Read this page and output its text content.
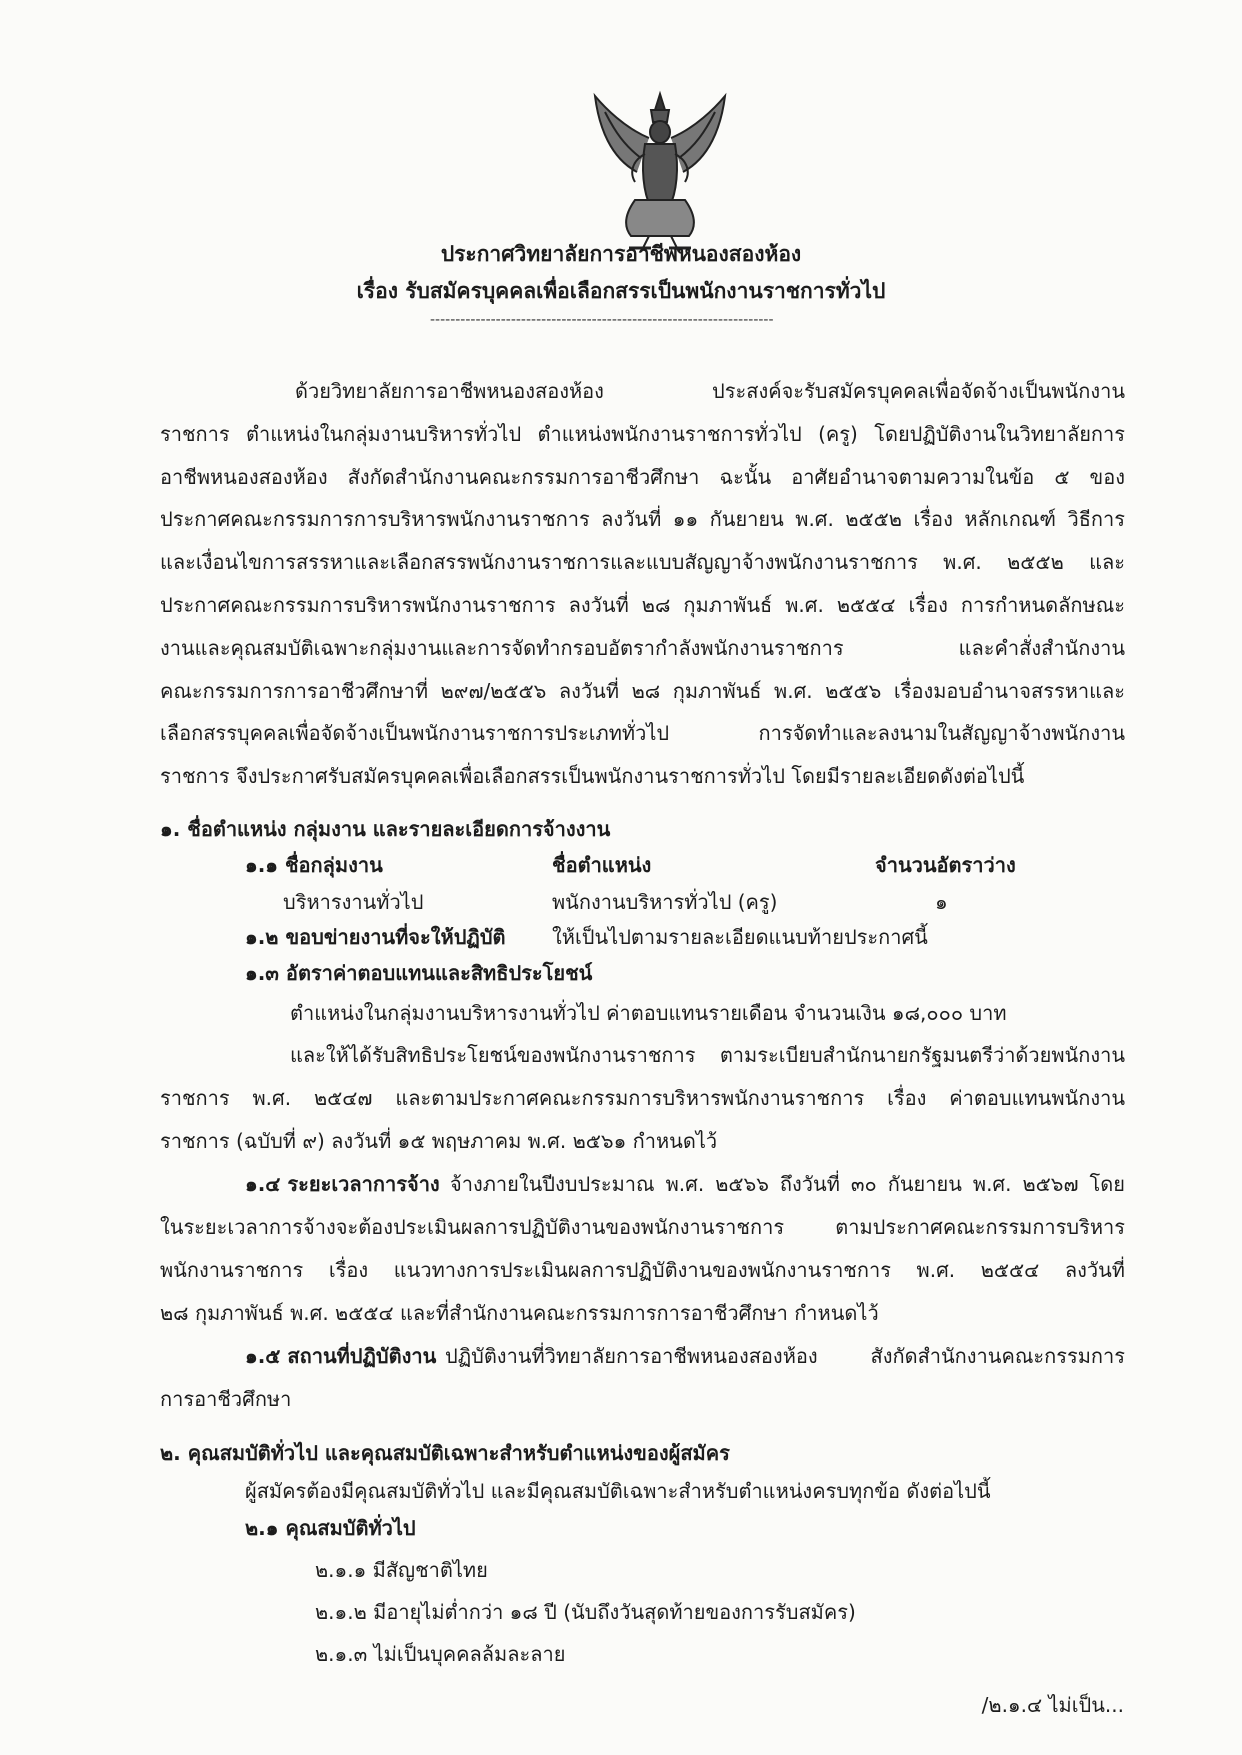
ประกาศวิทยาลัยการอาชีพหนองสองห้อง
เรื่อง รับสมัครบุคคลเพื่อเลือกสรรเป็นพนักงานราชการทั่วไป
--------------------------------------------------------------------
ด้วยวิทยาลัยการอาชีพหนองสองห้อง ประสงค์จะรับสมัครบุคคลเพื่อจัดจ้างเป็นพนักงาน
ราชการ ตำแหน่งในกลุ่มงานบริหารทั่วไป ตำแหน่งพนักงานราชการทั่วไป (ครู) โดยปฏิบัติงานในวิทยาลัยการ
อาชีพหนองสองห้อง สังกัดสำนักงานคณะกรรมการอาชีวศึกษา ฉะนั้น อาศัยอำนาจตามความในข้อ ๕ ของ
ประกาศคณะกรรมการการบริหารพนักงานราชการ ลงวันที่ ๑๑ กันยายน พ.ศ. ๒๕๕๒ เรื่อง หลักเกณฑ์ วิธีการ
และเงื่อนไขการสรรหาและเลือกสรรพนักงานราชการและแบบสัญญาจ้างพนักงานราชการ พ.ศ. ๒๕๕๒ และ
ประกาศคณะกรรมการบริหารพนักงานราชการ ลงวันที่ ๒๘ กุมภาพันธ์ พ.ศ. ๒๕๕๔ เรื่อง การกำหนดลักษณะ
งานและคุณสมบัติเฉพาะกลุ่มงานและการจัดทำกรอบอัตรากำลังพนักงานราชการ และคำสั่งสำนักงาน
คณะกรรมการการอาชีวศึกษาที่ ๒๙๗/๒๕๕๖ ลงวันที่ ๒๘ กุมภาพันธ์ พ.ศ. ๒๕๕๖ เรื่องมอบอำนาจสรรหาและ
เลือกสรรบุคคลเพื่อจัดจ้างเป็นพนักงานราชการประเภททั่วไป การจัดทำและลงนามในสัญญาจ้างพนักงาน
ราชการ จึงประกาศรับสมัครบุคคลเพื่อเลือกสรรเป็นพนักงานราชการทั่วไป โดยมีรายละเอียดดังต่อไปนี้
๑. ชื่อตำแหน่ง กลุ่มงาน และรายละเอียดการจ้างงาน
๑.๑ ชื่อกลุ่มงาน	ชื่อตำแหน่ง	จำนวนอัตราว่าง
บริหารงานทั่วไป	พนักงานบริหารทั่วไป (ครู)	๑
๑.๒ ขอบข่ายงานที่จะให้ปฏิบัติ ให้เป็นไปตามรายละเอียดแนบท้ายประกาศนี้
๑.๓ อัตราค่าตอบแทนและสิทธิประโยชน์
ตำแหน่งในกลุ่มงานบริหารงานทั่วไป ค่าตอบแทนรายเดือน จำนวนเงิน ๑๘,๐๐๐ บาท
และให้ได้รับสิทธิประโยชน์ของพนักงานราชการ ตามระเบียบสำนักนายกรัฐมนตรีว่าด้วยพนักงาน
ราชการ พ.ศ. ๒๕๔๗ และตามประกาศคณะกรรมการบริหารพนักงานราชการ เรื่อง ค่าตอบแทนพนักงาน
ราชการ (ฉบับที่ ๙) ลงวันที่ ๑๕ พฤษภาคม พ.ศ. ๒๕๖๑ กำหนดไว้
๑.๔ ระยะเวลาการจ้าง จ้างภายในปีงบประมาณ พ.ศ. ๒๕๖๖ ถึงวันที่ ๓๐ กันยายน พ.ศ. ๒๕๖๗ โดย
ในระยะเวลาการจ้างจะต้องประเมินผลการปฏิบัติงานของพนักงานราชการ ตามประกาศคณะกรรมการบริหาร
พนักงานราชการ เรื่อง แนวทางการประเมินผลการปฏิบัติงานของพนักงานราชการ พ.ศ. ๒๕๕๔ ลงวันที่
๒๘ กุมภาพันธ์ พ.ศ. ๒๕๕๔ และที่สำนักงานคณะกรรมการการอาชีวศึกษา กำหนดไว้
๑.๕ สถานที่ปฏิบัติงาน ปฏิบัติงานที่วิทยาลัยการอาชีพหนองสองห้อง สังกัดสำนักงานคณะกรรมการ
การอาชีวศึกษา
๒. คุณสมบัติทั่วไป และคุณสมบัติเฉพาะสำหรับตำแหน่งของผู้สมัคร
ผู้สมัครต้องมีคุณสมบัติทั่วไป และมีคุณสมบัติเฉพาะสำหรับตำแหน่งครบทุกข้อ ดังต่อไปนี้
๒.๑ คุณสมบัติทั่วไป
๒.๑.๑ มีสัญชาติไทย
๒.๑.๒ มีอายุไม่ต่ำกว่า ๑๘ ปี (นับถึงวันสุดท้ายของการรับสมัคร)
๒.๑.๓ ไม่เป็นบุคคลล้มละลาย
/๒.๑.๔ ไม่เป็น...
